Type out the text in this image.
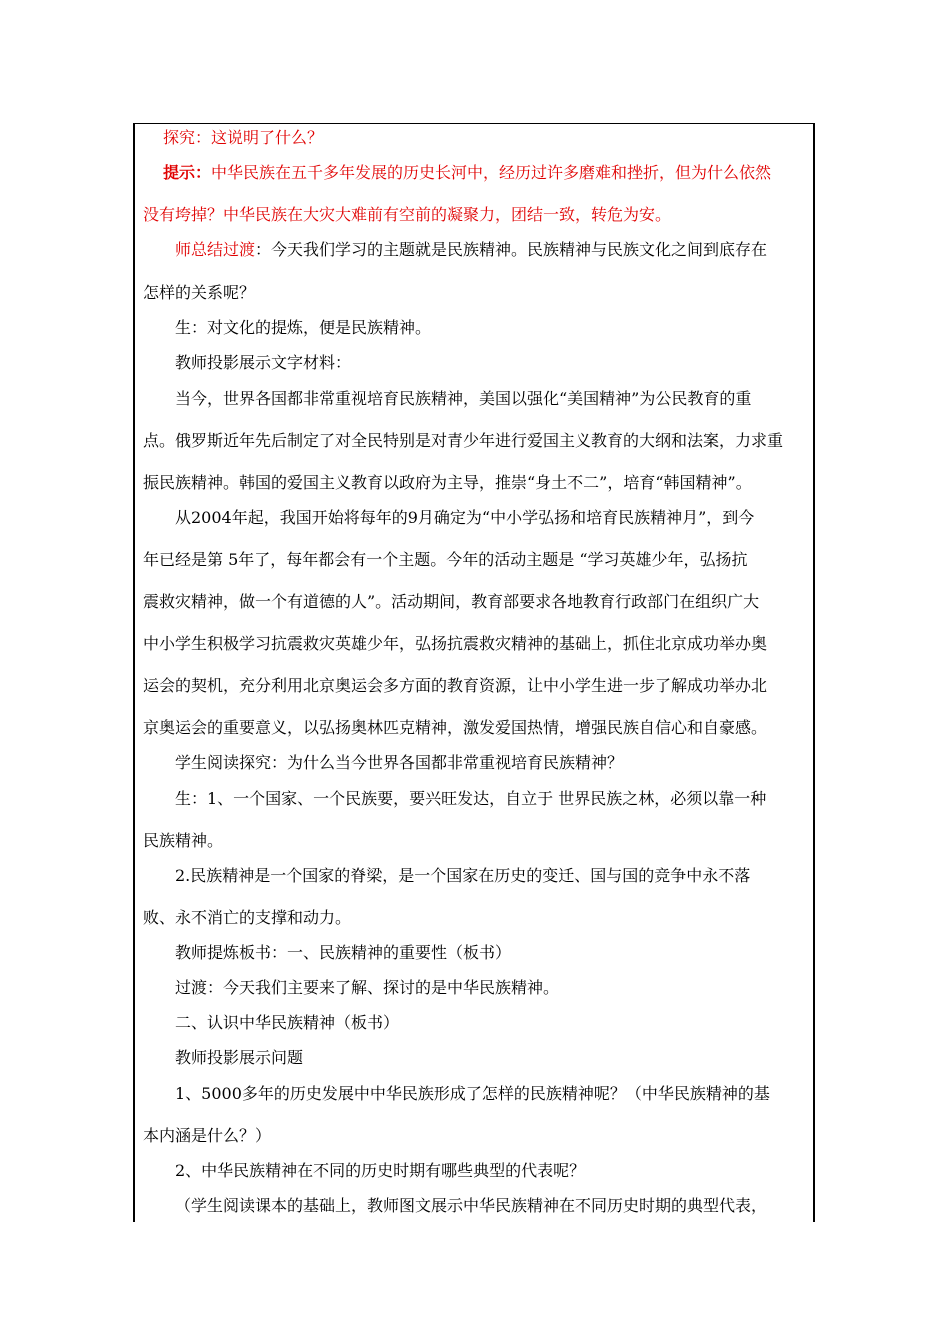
探究：这说明了什么？
提示：中华民族在五千多年发展的历史长河中，经历过许多磨难和挫折，但为什么依然
没有垮掉？中华民族在大灾大难前有空前的凝聚力，团结一致，转危为安。
师总结过渡：今天我们学习的主题就是民族精神。民族精神与民族文化之间到底存在
怎样的关系呢？
生：对文化的提炼，便是民族精神。
教师投影展示文字材料：
当今，世界各国都非常重视培育民族精神，美国以强化“美国精神”为公民教育的重
点。俄罗斯近年先后制定了对全民特别是对青少年进行爱国主义教育的大纲和法案，力求重
振民族精神。韩国的爱国主义教育以政府为主导，推崇“身土不二”，培育“韩国精神”。
从2004年起，我国开始将每年的9月确定为“中小学弘扬和培育民族精神月”，到今
年已经是第 5年了，每年都会有一个主题。今年的活动主题是 “学习英雄少年，弘扬抗
震救灾精神，做一个有道德的人”。活动期间，教育部要求各地教育行政部门在组织广大
中小学生积极学习抗震救灾英雄少年，弘扬抗震救灾精神的基础上，抓住北京成功举办奥
运会的契机，充分利用北京奥运会多方面的教育资源，让中小学生进一步了解成功举办北
京奥运会的重要意义，以弘扬奥林匹克精神，激发爱国热情，增强民族自信心和自豪感。
学生阅读探究：为什么当今世界各国都非常重视培育民族精神？
生：1、一个国家、一个民族要，要兴旺发达，自立于 世界民族之林，必须以靠一种
民族精神。
2.民族精神是一个国家的脊梁，是一个国家在历史的变迁、国与国的竞争中永不落
败、永不消亡的支撑和动力。
教师提炼板书：一、民族精神的重要性（板书）
过渡：今天我们主要来了解、探讨的是中华民族精神。
二、认识中华民族精神（板书）
教师投影展示问题
1、5000多年的历史发展中中华民族形成了怎样的民族精神呢？（中华民族精神的基
本内涵是什么？）
2、中华民族精神在不同的历史时期有哪些典型的代表呢？
（学生阅读课本的基础上，教师图文展示中华民族精神在不同历史时期的典型代表，
